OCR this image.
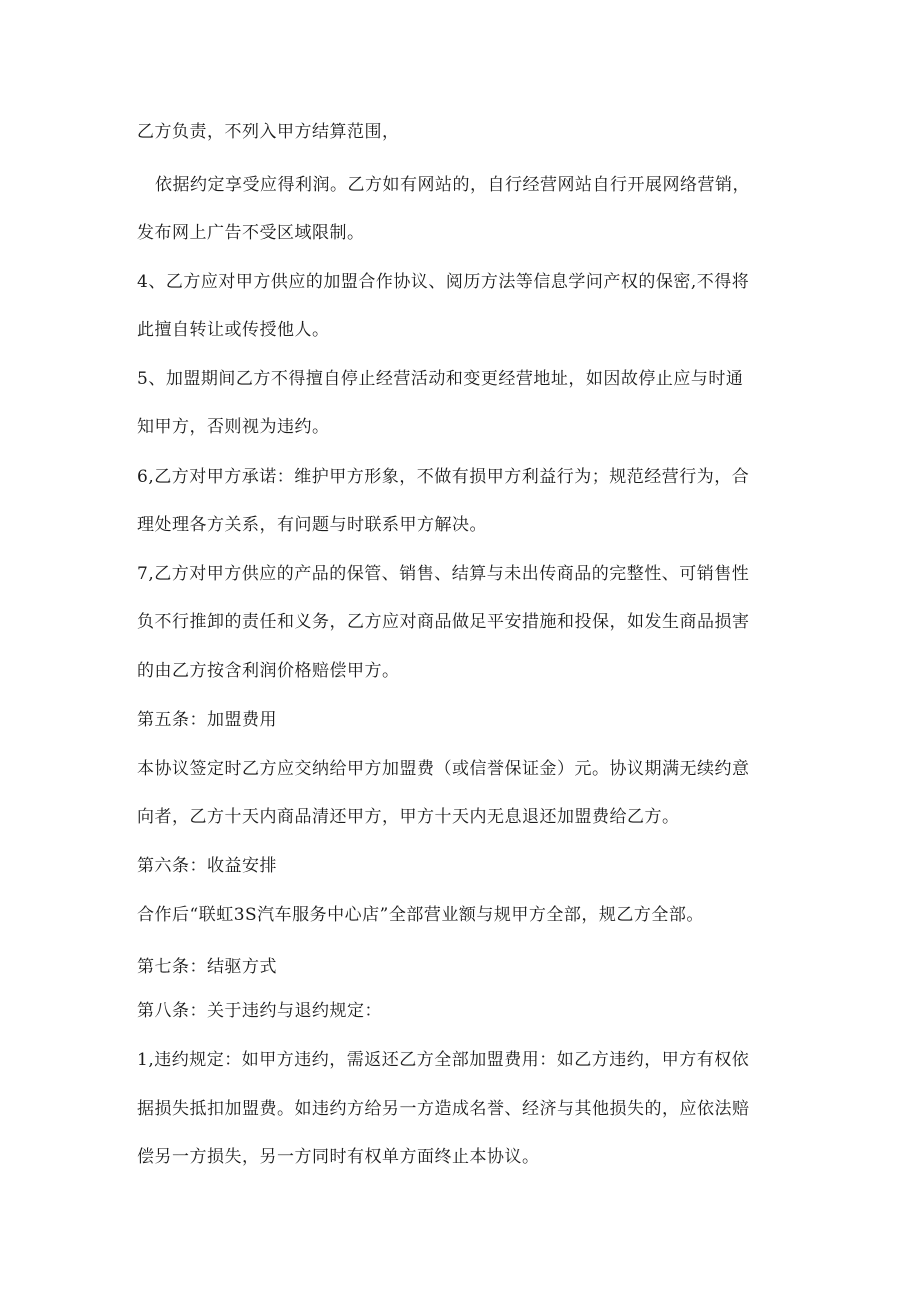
乙方负责，不列入甲方结算范围，
依据约定享受应得利润。乙方如有网站的，自行经营网站自行开展网络营销，
发布网上广告不受区域限制。
4、乙方应对甲方供应的加盟合作协议、阅历方法等信息学问产权的保密,不得将
此擅自转让或传授他人。
5、加盟期间乙方不得擅自停止经营活动和变更经营地址，如因故停止应与时通
知甲方，否则视为违约。
6,乙方对甲方承诺：维护甲方形象，不做有损甲方利益行为；规范经营行为，合
理处理各方关系，有问题与时联系甲方解决。
7,乙方对甲方供应的产品的保管、销售、结算与未出传商品的完整性、可销售性
负不行推卸的责任和义务，乙方应对商品做足平安措施和投保，如发生商品损害
的由乙方按含利润价格赔偿甲方。
第五条：加盟费用
本协议签定时乙方应交纳给甲方加盟费（或信誉保证金）元。协议期满无续约意
向者，乙方十天内商品清还甲方，甲方十天内无息退还加盟费给乙方。
第六条：收益安排
合作后“联虹3S汽车服务中心店”全部营业额与规甲方全部，规乙方全部。
第七条：结驱方式
第八条：关于违约与退约规定：
1,违约规定：如甲方违约，需返还乙方全部加盟费用：如乙方违约，甲方有权依
据损失抵扣加盟费。如违约方给另一方造成名誉、经济与其他损失的，应依法赔
偿另一方损失，另一方同时有权单方面终止本协议。
